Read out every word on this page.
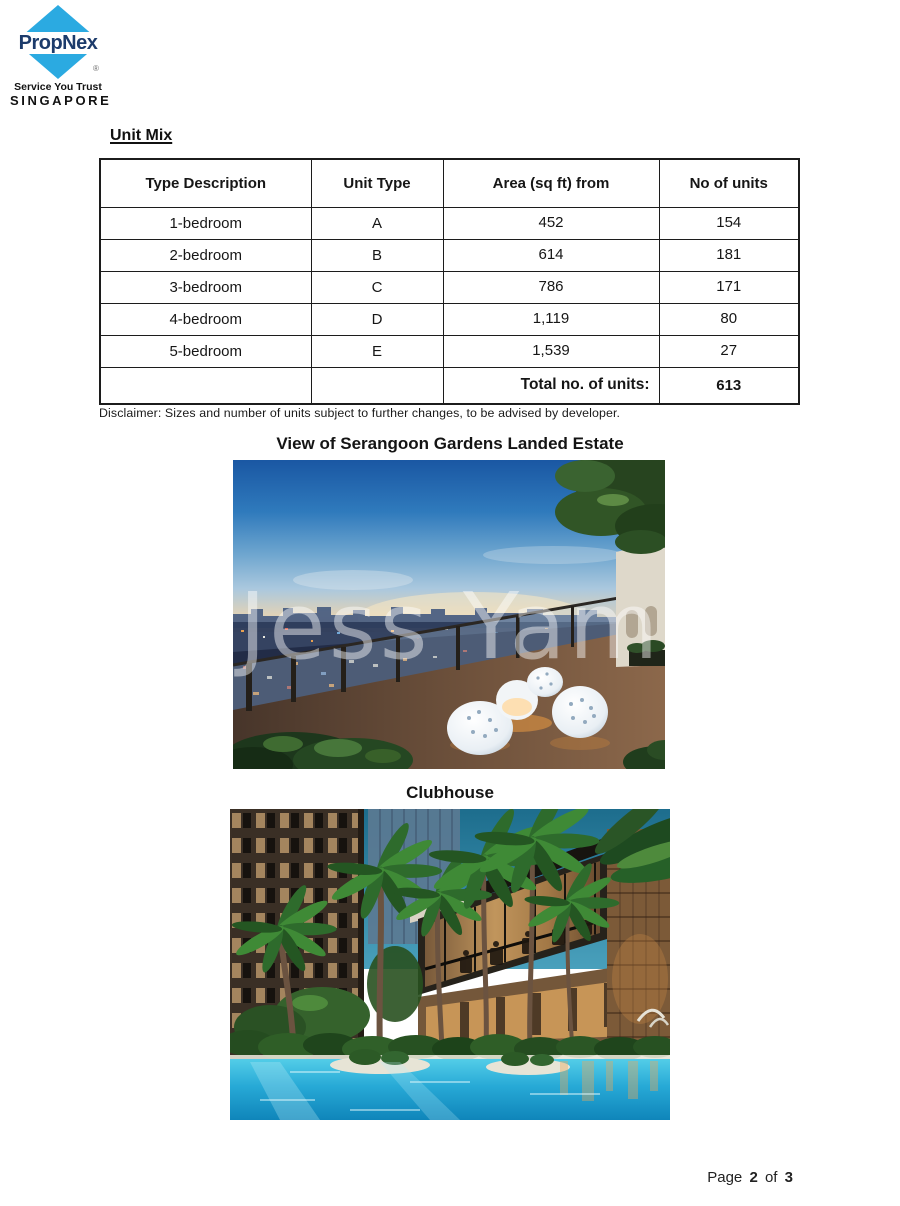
PropNex
®
Service You Trust
SINGAPORE
Unit Mix
Type Description	Unit Type	Area (sq ft) from	No of units
1-bedroom	A	452	154
2-bedroom	B	614	181
3-bedroom	C	786	171
4-bedroom	D	1,119	80
5-bedroom	E	1,539	27
		Total no. of units:	613
Disclaimer: Sizes and number of units subject to further changes, to be advised by developer.
View of Serangoon Gardens Landed Estate
Jess Yam
Clubhouse
Page 2 of 3
